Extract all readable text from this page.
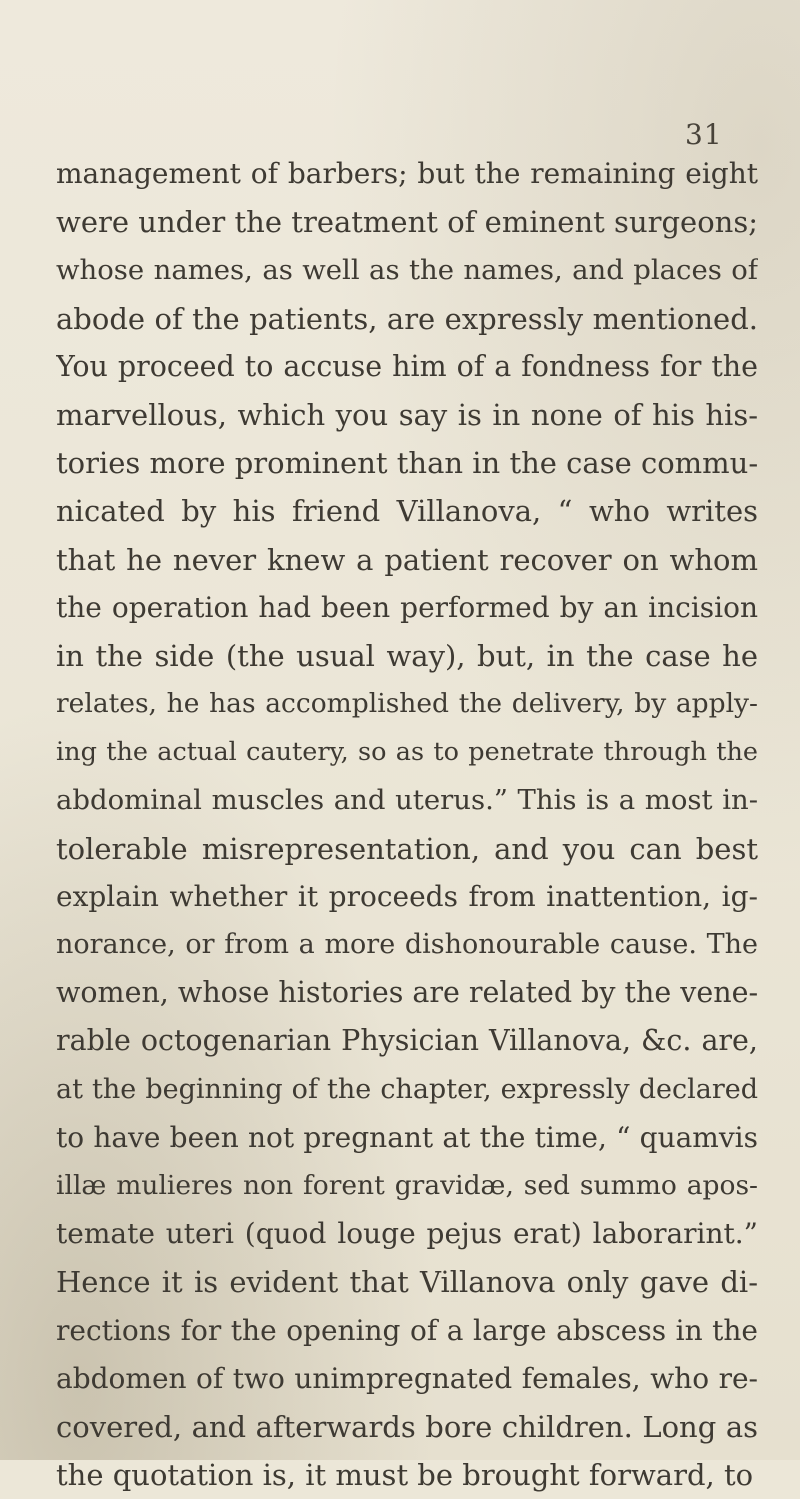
31
management of barbers; but the remaining eight
were under the treatment of eminent surgeons;
whose names, as well as the names, and places of
abode of the patients, are expressly mentioned.
You proceed to accuse him of a fondness for the
marvellous, which you say is in none of his his-
tories more prominent than in the case commu-
nicated by his friend Villanova, “ who writes
that he never knew a patient recover on whom
the operation had been performed by an incision
in the side (the usual way), but, in the case he
relates, he has accomplished the delivery, by apply-
ing the actual cautery, so as to penetrate through the
abdominal muscles and uterus.” This is a most in-
tolerable misrepresentation, and you can best
explain whether it proceeds from inattention, ig-
norance, or from a more dishonourable cause. The
women, whose histories are related by the vene-
rable octogenarian Physician Villanova, &c. are,
at the beginning of the chapter, expressly declared
to have been not pregnant at the time, “ quamvis
illæ mulieres non forent gravidæ, sed summo apos-
temate uteri (quod louge pejus erat) laborarint.”
Hence it is evident that Villanova only gave di-
rections for the opening of a large abscess in the
abdomen of two unimpregnated females, who re-
covered, and afterwards bore children. Long as
the quotation is, it must be brought forward, to
